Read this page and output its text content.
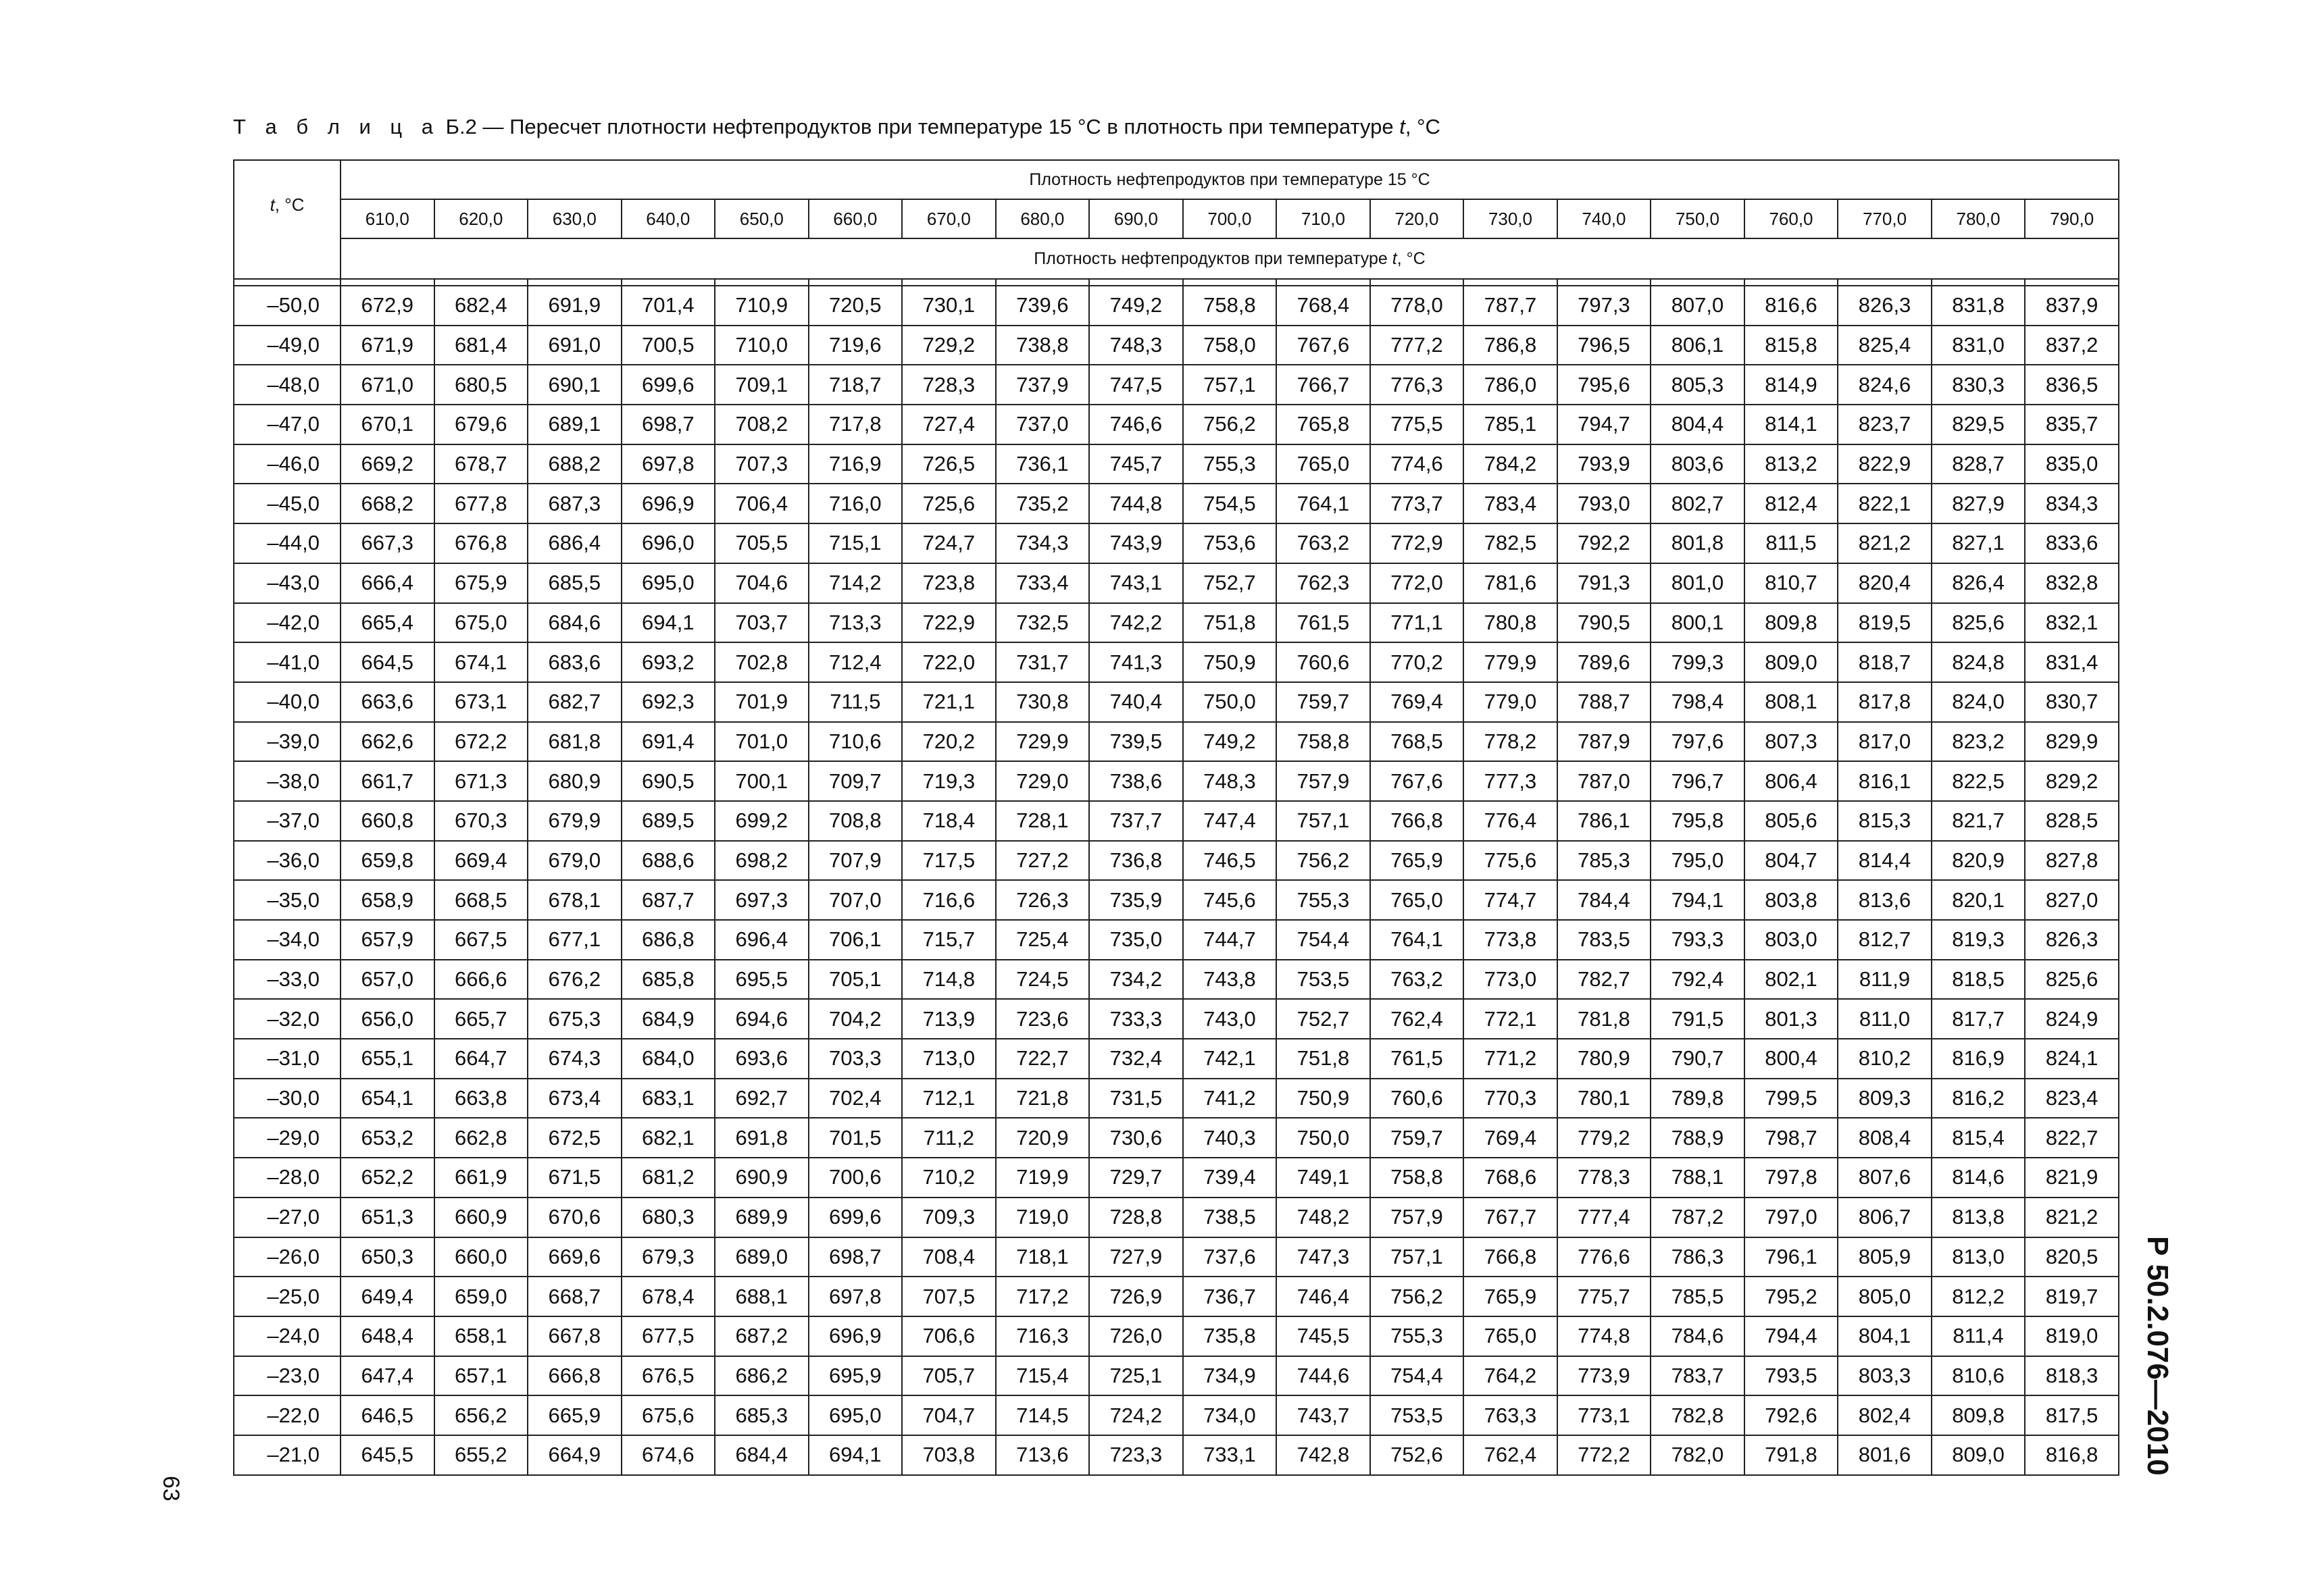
Т а б л и ц а Б.2 — Пересчет плотности нефтепродуктов при температуре 15 °С в плотность при температуре t, °С
t, °С	Плотность нефтепродуктов при температуре 15 °С																		
	610,0	620,0	630,0	640,0	650,0	660,0	670,0	680,0	690,0	700,0	710,0	720,0	730,0	740,0	750,0	760,0	770,0	780,0	790,0
	Плотность нефтепродуктов при температуре t, °С																		

–50,0	672,9	682,4	691,9	701,4	710,9	720,5	730,1	739,6	749,2	758,8	768,4	778,0	787,7	797,3	807,0	816,6	826,3	831,8	837,9
–49,0	671,9	681,4	691,0	700,5	710,0	719,6	729,2	738,8	748,3	758,0	767,6	777,2	786,8	796,5	806,1	815,8	825,4	831,0	837,2
–48,0	671,0	680,5	690,1	699,6	709,1	718,7	728,3	737,9	747,5	757,1	766,7	776,3	786,0	795,6	805,3	814,9	824,6	830,3	836,5
–47,0	670,1	679,6	689,1	698,7	708,2	717,8	727,4	737,0	746,6	756,2	765,8	775,5	785,1	794,7	804,4	814,1	823,7	829,5	835,7
–46,0	669,2	678,7	688,2	697,8	707,3	716,9	726,5	736,1	745,7	755,3	765,0	774,6	784,2	793,9	803,6	813,2	822,9	828,7	835,0
–45,0	668,2	677,8	687,3	696,9	706,4	716,0	725,6	735,2	744,8	754,5	764,1	773,7	783,4	793,0	802,7	812,4	822,1	827,9	834,3
–44,0	667,3	676,8	686,4	696,0	705,5	715,1	724,7	734,3	743,9	753,6	763,2	772,9	782,5	792,2	801,8	811,5	821,2	827,1	833,6
–43,0	666,4	675,9	685,5	695,0	704,6	714,2	723,8	733,4	743,1	752,7	762,3	772,0	781,6	791,3	801,0	810,7	820,4	826,4	832,8
–42,0	665,4	675,0	684,6	694,1	703,7	713,3	722,9	732,5	742,2	751,8	761,5	771,1	780,8	790,5	800,1	809,8	819,5	825,6	832,1
–41,0	664,5	674,1	683,6	693,2	702,8	712,4	722,0	731,7	741,3	750,9	760,6	770,2	779,9	789,6	799,3	809,0	818,7	824,8	831,4
–40,0	663,6	673,1	682,7	692,3	701,9	711,5	721,1	730,8	740,4	750,0	759,7	769,4	779,0	788,7	798,4	808,1	817,8	824,0	830,7
–39,0	662,6	672,2	681,8	691,4	701,0	710,6	720,2	729,9	739,5	749,2	758,8	768,5	778,2	787,9	797,6	807,3	817,0	823,2	829,9
–38,0	661,7	671,3	680,9	690,5	700,1	709,7	719,3	729,0	738,6	748,3	757,9	767,6	777,3	787,0	796,7	806,4	816,1	822,5	829,2
–37,0	660,8	670,3	679,9	689,5	699,2	708,8	718,4	728,1	737,7	747,4	757,1	766,8	776,4	786,1	795,8	805,6	815,3	821,7	828,5
–36,0	659,8	669,4	679,0	688,6	698,2	707,9	717,5	727,2	736,8	746,5	756,2	765,9	775,6	785,3	795,0	804,7	814,4	820,9	827,8
–35,0	658,9	668,5	678,1	687,7	697,3	707,0	716,6	726,3	735,9	745,6	755,3	765,0	774,7	784,4	794,1	803,8	813,6	820,1	827,0
–34,0	657,9	667,5	677,1	686,8	696,4	706,1	715,7	725,4	735,0	744,7	754,4	764,1	773,8	783,5	793,3	803,0	812,7	819,3	826,3
–33,0	657,0	666,6	676,2	685,8	695,5	705,1	714,8	724,5	734,2	743,8	753,5	763,2	773,0	782,7	792,4	802,1	811,9	818,5	825,6
–32,0	656,0	665,7	675,3	684,9	694,6	704,2	713,9	723,6	733,3	743,0	752,7	762,4	772,1	781,8	791,5	801,3	811,0	817,7	824,9
–31,0	655,1	664,7	674,3	684,0	693,6	703,3	713,0	722,7	732,4	742,1	751,8	761,5	771,2	780,9	790,7	800,4	810,2	816,9	824,1
–30,0	654,1	663,8	673,4	683,1	692,7	702,4	712,1	721,8	731,5	741,2	750,9	760,6	770,3	780,1	789,8	799,5	809,3	816,2	823,4
–29,0	653,2	662,8	672,5	682,1	691,8	701,5	711,2	720,9	730,6	740,3	750,0	759,7	769,4	779,2	788,9	798,7	808,4	815,4	822,7
–28,0	652,2	661,9	671,5	681,2	690,9	700,6	710,2	719,9	729,7	739,4	749,1	758,8	768,6	778,3	788,1	797,8	807,6	814,6	821,9
–27,0	651,3	660,9	670,6	680,3	689,9	699,6	709,3	719,0	728,8	738,5	748,2	757,9	767,7	777,4	787,2	797,0	806,7	813,8	821,2
–26,0	650,3	660,0	669,6	679,3	689,0	698,7	708,4	718,1	727,9	737,6	747,3	757,1	766,8	776,6	786,3	796,1	805,9	813,0	820,5
–25,0	649,4	659,0	668,7	678,4	688,1	697,8	707,5	717,2	726,9	736,7	746,4	756,2	765,9	775,7	785,5	795,2	805,0	812,2	819,7
–24,0	648,4	658,1	667,8	677,5	687,2	696,9	706,6	716,3	726,0	735,8	745,5	755,3	765,0	774,8	784,6	794,4	804,1	811,4	819,0
–23,0	647,4	657,1	666,8	676,5	686,2	695,9	705,7	715,4	725,1	734,9	744,6	754,4	764,2	773,9	783,7	793,5	803,3	810,6	818,3
–22,0	646,5	656,2	665,9	675,6	685,3	695,0	704,7	714,5	724,2	734,0	743,7	753,5	763,3	773,1	782,8	792,6	802,4	809,8	817,5
–21,0	645,5	655,2	664,9	674,6	684,4	694,1	703,8	713,6	723,3	733,1	742,8	752,6	762,4	772,2	782,0	791,8	801,6	809,0	816,8
63
Р 50.2.076—2010
